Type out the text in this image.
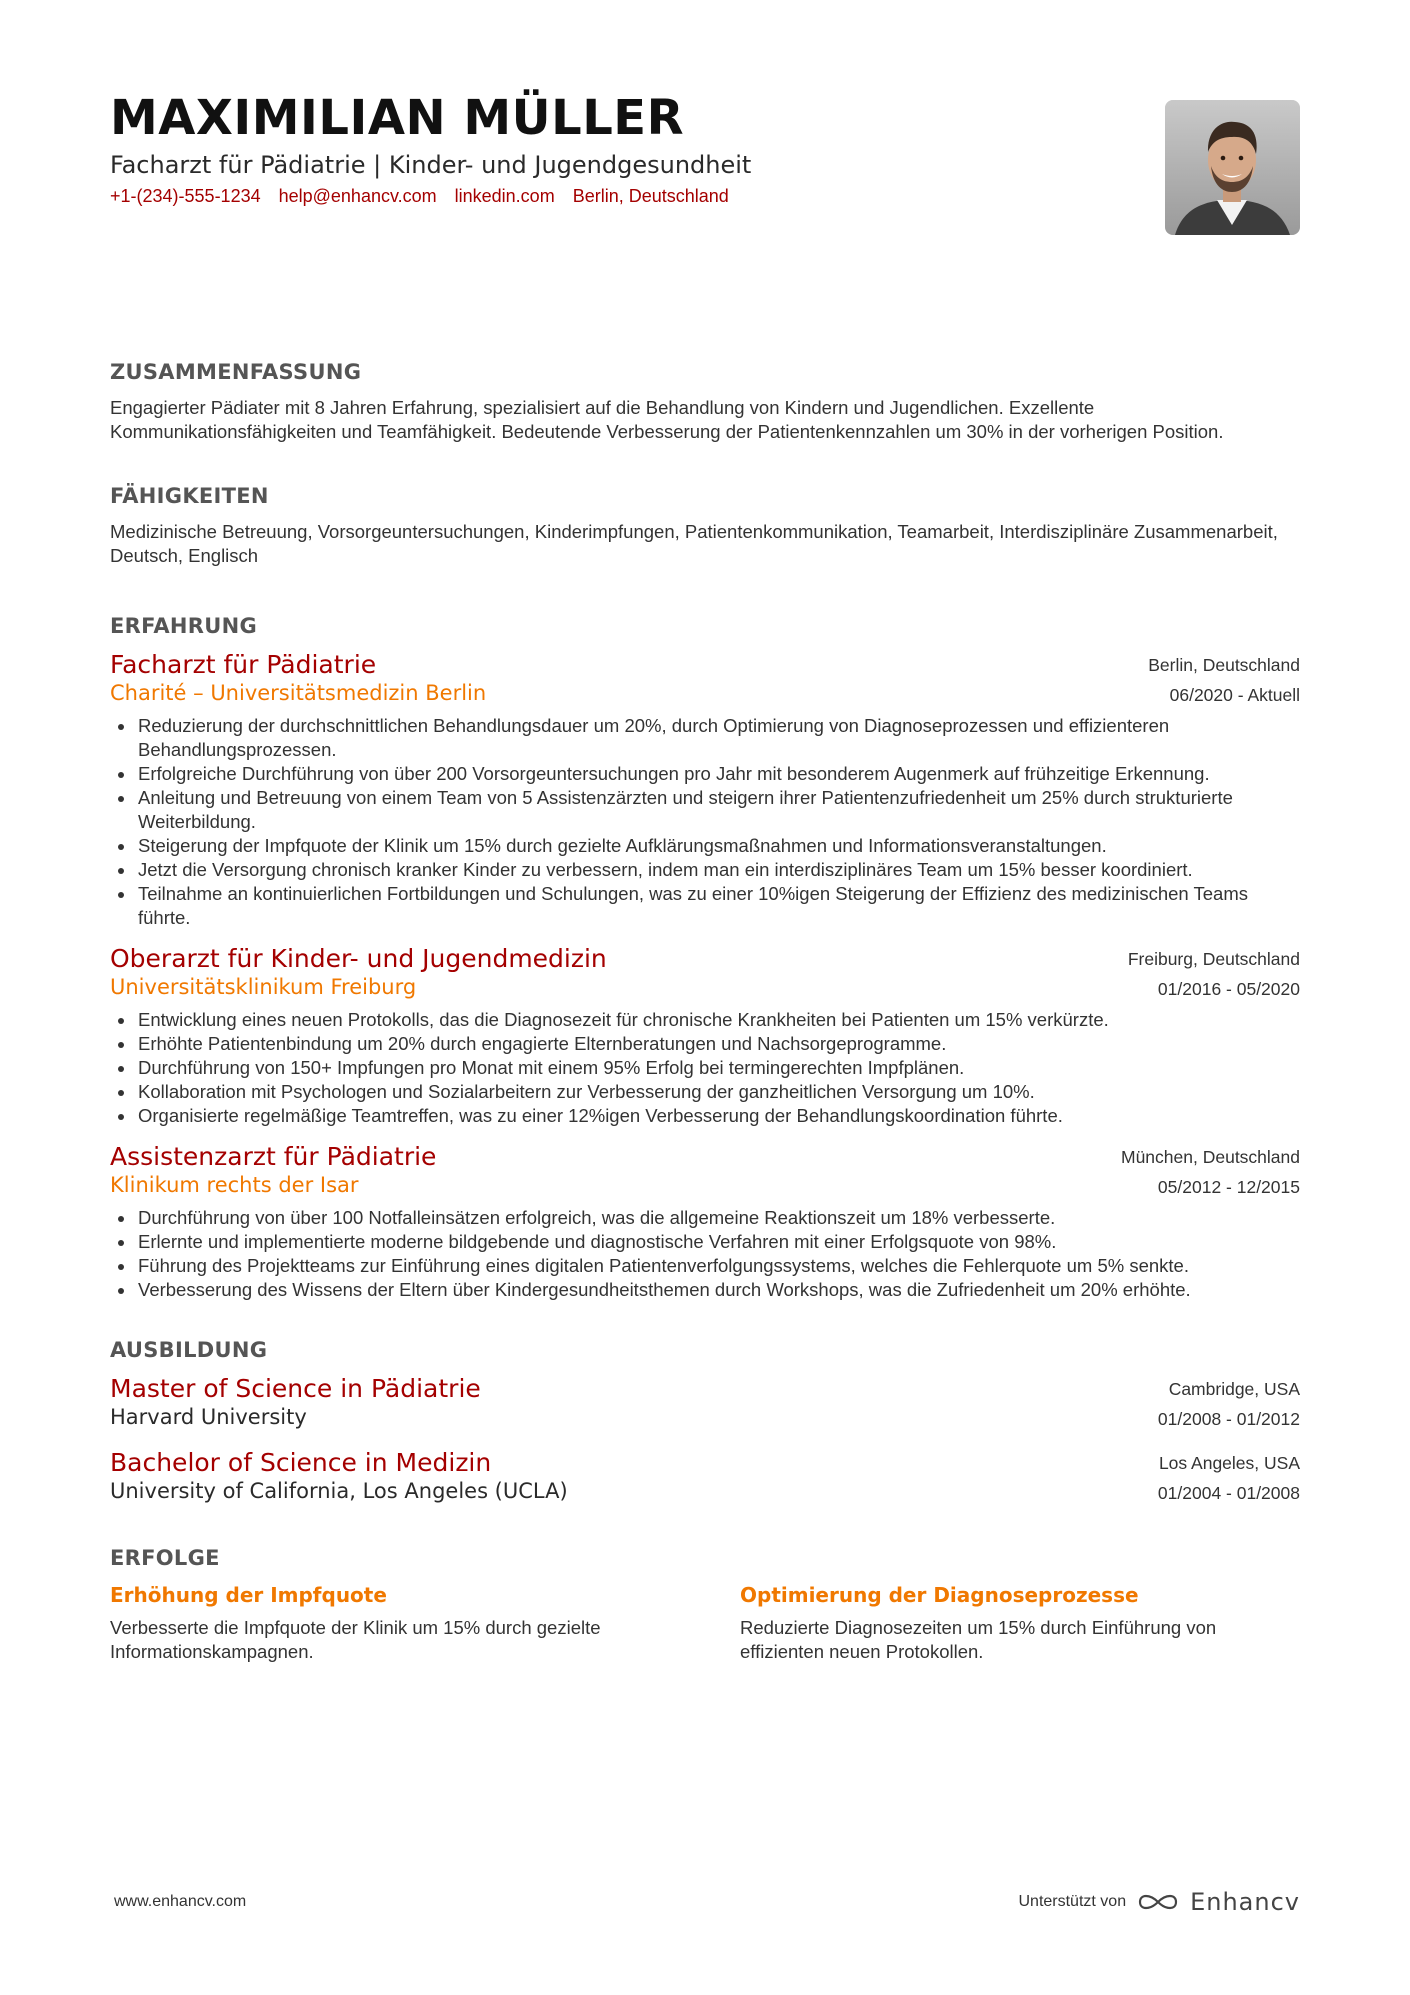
MAXIMILIAN MÜLLER
Facharzt für Pädiatrie | Kinder- und Jugendgesundheit
+1-(234)-555-1234 help@enhancv.com linkedin.com Berlin, Deutschland
ZUSAMMENFASSUNG
Engagierter Pädiater mit 8 Jahren Erfahrung, spezialisiert auf die Behandlung von Kindern und Jugendlichen. Exzellente Kommunikationsfähigkeiten und Teamfähigkeit. Bedeutende Verbesserung der Patientenkennzahlen um 30% in der vorherigen Position.
FÄHIGKEITEN
Medizinische Betreuung, Vorsorgeuntersuchungen, Kinderimpfungen, Patientenkommunikation, Teamarbeit, Interdisziplinäre Zusammenarbeit, Deutsch, Englisch
ERFAHRUNG
Facharzt für Pädiatrie
Charité – Universitätsmedizin Berlin
Berlin, Deutschland
06/2020 - Aktuell
Reduzierung der durchschnittlichen Behandlungsdauer um 20%, durch Optimierung von Diagnoseprozessen und effizienteren Behandlungsprozessen.
Erfolgreiche Durchführung von über 200 Vorsorgeuntersuchungen pro Jahr mit besonderem Augenmerk auf frühzeitige Erkennung.
Anleitung und Betreuung von einem Team von 5 Assistenzärzten und steigern ihrer Patientenzufriedenheit um 25% durch strukturierte Weiterbildung.
Steigerung der Impfquote der Klinik um 15% durch gezielte Aufklärungsmaßnahmen und Informationsveranstaltungen.
Jetzt die Versorgung chronisch kranker Kinder zu verbessern, indem man ein interdisziplinäres Team um 15% besser koordiniert.
Teilnahme an kontinuierlichen Fortbildungen und Schulungen, was zu einer 10%igen Steigerung der Effizienz des medizinischen Teams führte.
Oberarzt für Kinder- und Jugendmedizin
Universitätsklinikum Freiburg
Freiburg, Deutschland
01/2016 - 05/2020
Entwicklung eines neuen Protokolls, das die Diagnosezeit für chronische Krankheiten bei Patienten um 15% verkürzte.
Erhöhte Patientenbindung um 20% durch engagierte Elternberatungen und Nachsorgeprogramme.
Durchführung von 150+ Impfungen pro Monat mit einem 95% Erfolg bei termingerechten Impfplänen.
Kollaboration mit Psychologen und Sozialarbeitern zur Verbesserung der ganzheitlichen Versorgung um 10%.
Organisierte regelmäßige Teamtreffen, was zu einer 12%igen Verbesserung der Behandlungskoordination führte.
Assistenzarzt für Pädiatrie
Klinikum rechts der Isar
München, Deutschland
05/2012 - 12/2015
Durchführung von über 100 Notfalleinsätzen erfolgreich, was die allgemeine Reaktionszeit um 18% verbesserte.
Erlernte und implementierte moderne bildgebende und diagnostische Verfahren mit einer Erfolgsquote von 98%.
Führung des Projektteams zur Einführung eines digitalen Patientenverfolgungssystems, welches die Fehlerquote um 5% senkte.
Verbesserung des Wissens der Eltern über Kindergesundheitsthemen durch Workshops, was die Zufriedenheit um 20% erhöhte.
AUSBILDUNG
Master of Science in Pädiatrie
Harvard University
Cambridge, USA
01/2008 - 01/2012
Bachelor of Science in Medizin
University of California, Los Angeles (UCLA)
Los Angeles, USA
01/2004 - 01/2008
ERFOLGE
Erhöhung der Impfquote
Verbesserte die Impfquote der Klinik um 15% durch gezielte Informationskampagnen.
Optimierung der Diagnoseprozesse
Reduzierte Diagnosezeiten um 15% durch Einführung von effizienten neuen Protokollen.
www.enhancv.com	Unterstützt von	Enhancv
